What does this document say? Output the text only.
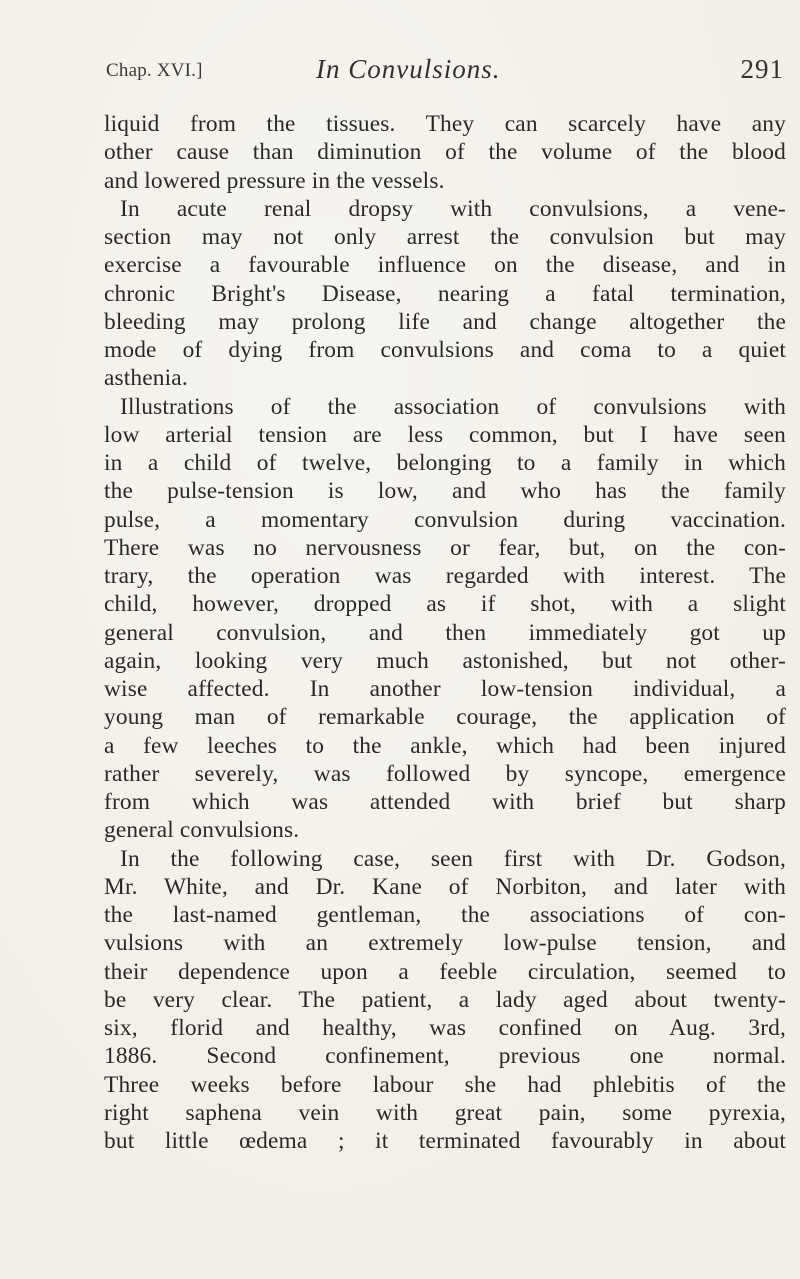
Chap. XVI.]	In Convulsions.	291
liquid from the tissues. They can scarcely have any
other cause than diminution of the volume of the blood
and lowered pressure in the vessels.
In acute renal dropsy with convulsions, a vene-
section may not only arrest the convulsion but may
exercise a favourable influence on the disease, and in
chronic Bright's Disease, nearing a fatal termination,
bleeding may prolong life and change altogether the
mode of dying from convulsions and coma to a quiet
asthenia.
Illustrations of the association of convulsions with
low arterial tension are less common, but I have seen
in a child of twelve, belonging to a family in which
the pulse-tension is low, and who has the family
pulse, a momentary convulsion during vaccination.
There was no nervousness or fear, but, on the con-
trary, the operation was regarded with interest. The
child, however, dropped as if shot, with a slight
general convulsion, and then immediately got up
again, looking very much astonished, but not other-
wise affected. In another low-tension individual, a
young man of remarkable courage, the application of
a few leeches to the ankle, which had been injured
rather severely, was followed by syncope, emergence
from which was attended with brief but sharp
general convulsions.
In the following case, seen first with Dr. Godson,
Mr. White, and Dr. Kane of Norbiton, and later with
the last-named gentleman, the associations of con-
vulsions with an extremely low-pulse tension, and
their dependence upon a feeble circulation, seemed to
be very clear. The patient, a lady aged about twenty-
six, florid and healthy, was confined on Aug. 3rd,
1886. Second confinement, previous one normal.
Three weeks before labour she had phlebitis of the
right saphena vein with great pain, some pyrexia,
but little œdema ; it terminated favourably in about
